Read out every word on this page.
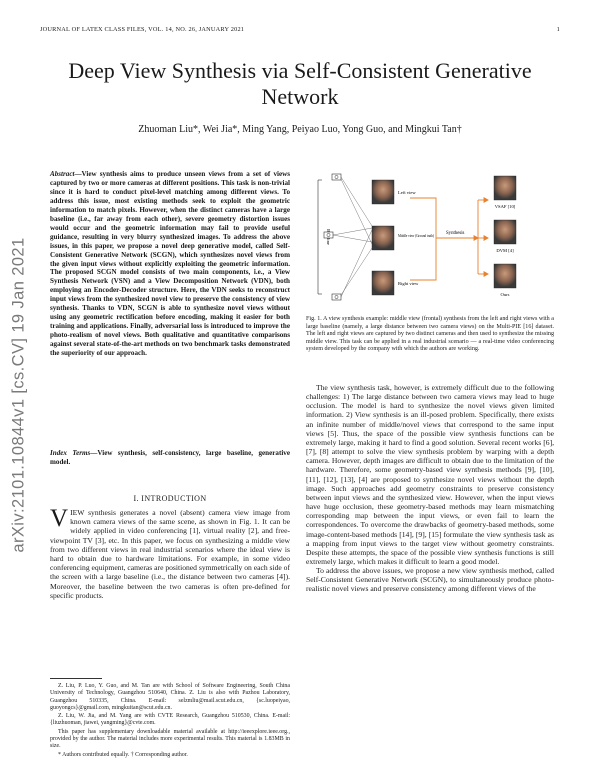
JOURNAL OF LATEX CLASS FILES, VOL. 14, NO. 26, JANUARY 2021	1
arXiv:2101.10844v1 [cs.CV] 19 Jan 2021
Deep View Synthesis via Self-Consistent Generative Network
Zhuoman Liu*, Wei Jia*, Ming Yang, Peiyao Luo, Yong Guo, and Mingkui Tan†
Abstract—View synthesis aims to produce unseen views from a set of views captured by two or more cameras at different positions. This task is non-trivial since it is hard to conduct pixel-level matching among different views. To address this issue, most existing methods seek to exploit the geometric information to match pixels. However, when the distinct cameras have a large baseline (i.e., far away from each other), severe geometry distortion issues would occur and the geometric information may fail to provide useful guidance, resulting in very blurry synthesized images. To address the above issues, in this paper, we propose a novel deep generative model, called Self-Consistent Generative Network (SCGN), which synthesizes novel views from the given input views without explicitly exploiting the geometric information. The proposed SCGN model consists of two main components, i.e., a View Synthesis Network (VSN) and a View Decomposition Network (VDN), both employing an Encoder-Decoder structure. Here, the VDN seeks to reconstruct input views from the synthesized novel view to preserve the consistency of view synthesis. Thanks to VDN, SCGN is able to synthesize novel views without using any geometric rectification before encoding, making it easier for both training and applications. Finally, adversarial loss is introduced to improve the photo-realism of novel views. Both qualitative and quantitative comparisons against several state-of-the-art methods on two benchmark tasks demonstrated the superiority of our approach.
Index Terms—View synthesis, self-consistency, large baseline, generative model.
I. INTRODUCTION
VIEW synthesis generates a novel (absent) camera view image from known camera views of the same scene, as shown in Fig. 1. It can be widely applied in video conferencing [1], virtual reality [2], and free-viewpoint TV [3], etc. In this paper, we focus on synthesizing a middle view from two different views in real industrial scenarios where the ideal view is hard to obtain due to hardware limitations. For example, in some video conferencing equipment, cameras are positioned symmetrically on each side of the screen with a large baseline (i.e., the distance between two cameras [4]). Moreover, the baseline between the two cameras is often pre-defined for specific products.

Z. Liu, P. Luo, Y. Guo, and M. Tan are with School of Software Engineering, South China University of Technology, Guangzhou 510640, China. Z. Liu is also with Pazhou Laboratory, Guangzhou 510335, China. E-mail: selzmliu@mail.scut.edu.cn, {sc.luopeiyao, guoyongcs}@gmail.com, mingkuitan@scut.edu.cn.

Z. Liu, W. Jia, and M. Yang are with CVTE Research, Guangzhou 510530, China. E-mail: {liuzhuoman, jiawei, yangming}@cvte.com.

This paper has supplementary downloadable material available at http://ieeexplore.ieee.org., provided by the author. The material includes more experimental results. This material is 1.83MB in size.

* Authors contributed equally. † Corresponding author.

Left view
Middle view (Ground truth)
Right view
Synthesis
VSAF [10]
DVM [4]
Ours
Fig. 1. A view synthesis example: middle view (frontal) synthesis from the left and right views with a large baseline (namely, a large distance between two camera views) on the Multi-PIE [16] dataset. The left and right views are captured by two distinct cameras and then used to synthesize the missing middle view. This task can be applied in a real industrial scenario — a real-time video conferencing system developed by the company with which the authors are working.

The view synthesis task, however, is extremely difficult due to the following challenges: 1) The large distance between two camera views may lead to huge occlusion. The model is hard to synthesize the novel views given limited information. 2) View synthesis is an ill-posed problem. Specifically, there exists an infinite number of middle/novel views that correspond to the same input views [5]. Thus, the space of the possible view synthesis functions can be extremely large, making it hard to find a good solution. Several recent works [6], [7], [8] attempt to solve the view synthesis problem by warping with a depth camera. However, depth images are difficult to obtain due to the limitation of the hardware. Therefore, some geometry-based view synthesis methods [9], [10], [11], [12], [13], [4] are proposed to synthesize novel views without the depth image. Such approaches add geometry constraints to preserve consistency between input views and the synthesized view. However, when the input views have huge occlusion, these geometry-based methods may learn mismatching corresponding map between the input views, or even fail to learn the correspondences. To overcome the drawbacks of geometry-based methods, some image-content-based methods [14], [9], [15] formulate the view synthesis task as a mapping from input views to the target view without geometry constraints. Despite these attempts, the space of the possible view synthesis functions is still extremely large, which makes it difficult to learn a good model.

To address the above issues, we propose a new view synthesis method, called Self-Consistent Generative Network (SCGN), to simultaneously produce photo-realistic novel views and preserve consistency among different views of the
